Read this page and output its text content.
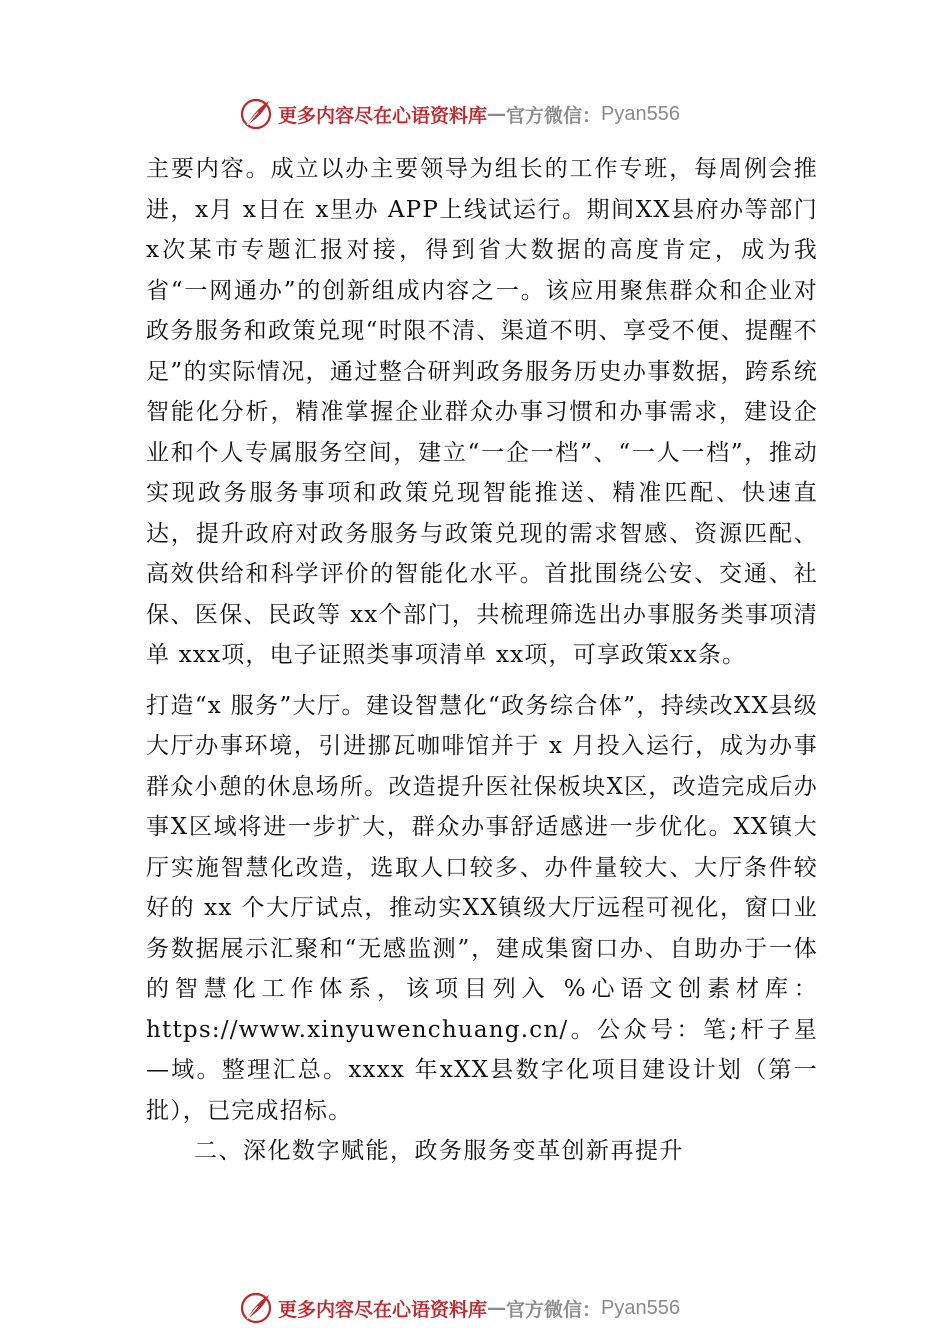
更多内容尽在心语资料库 — 官方微信： Pyan556

主要内容。成立以办主要领导为组长的工作专班，每周例会推进，x月 x日在 x里办 APP上线试运行。期间XX县府办等部门x次某市专题汇报对接，得到省大数据的高度肯定，成为我省“一网通办”的创新组成内容之一。该应用聚焦群众和企业对政务服务和政策兑现“时限不清、渠道不明、享受不便、提醒不足”的实际情况，通过整合研判政务服务历史办事数据，跨系统智能化分析，精准掌握企业群众办事习惯和办事需求，建设企业和个人专属服务空间，建立“一企一档”、“一人一档”，推动实现政务服务事项和政策兑现智能推送、精准匹配、快速直达，提升政府对政务服务与政策兑现的需求智感、资源匹配、高效供给和科学评价的智能化水平。首批围绕公安、交通、社保、医保、民政等 xx个部门，共梳理筛选出办事服务类事项清单 xxx项，电子证照类事项清单 xx项，可享政策xx条。

打造“x 服务”大厅。建设智慧化“政务综合体”，持续改XX县级大厅办事环境，引进挪瓦咖啡馆并于 x 月投入运行，成为办事群众小憩的休息场所。改造提升医社保板块X区，改造完成后办事X区域将进一步扩大，群众办事舒适感进一步优化。XX镇大厅实施智慧化改造，选取人口较多、办件量较大、大厅条件较好的 xx 个大厅试点，推动实XX镇级大厅远程可视化，窗口业务数据展示汇聚和“无感监测”，建成集窗口办、自助办于一体的智慧化工作体系，该项目列入 %心语文创素材库：https://www.xinyuwenchuang.cn/。公众号：笔;杆子星—域。整理汇总。xxxx 年xXX县数字化项目建设计划（第一批），已完成招标。

二、深化数字赋能，政务服务变革创新再提升

更多内容尽在心语资料库 — 官方微信： Pyan556
